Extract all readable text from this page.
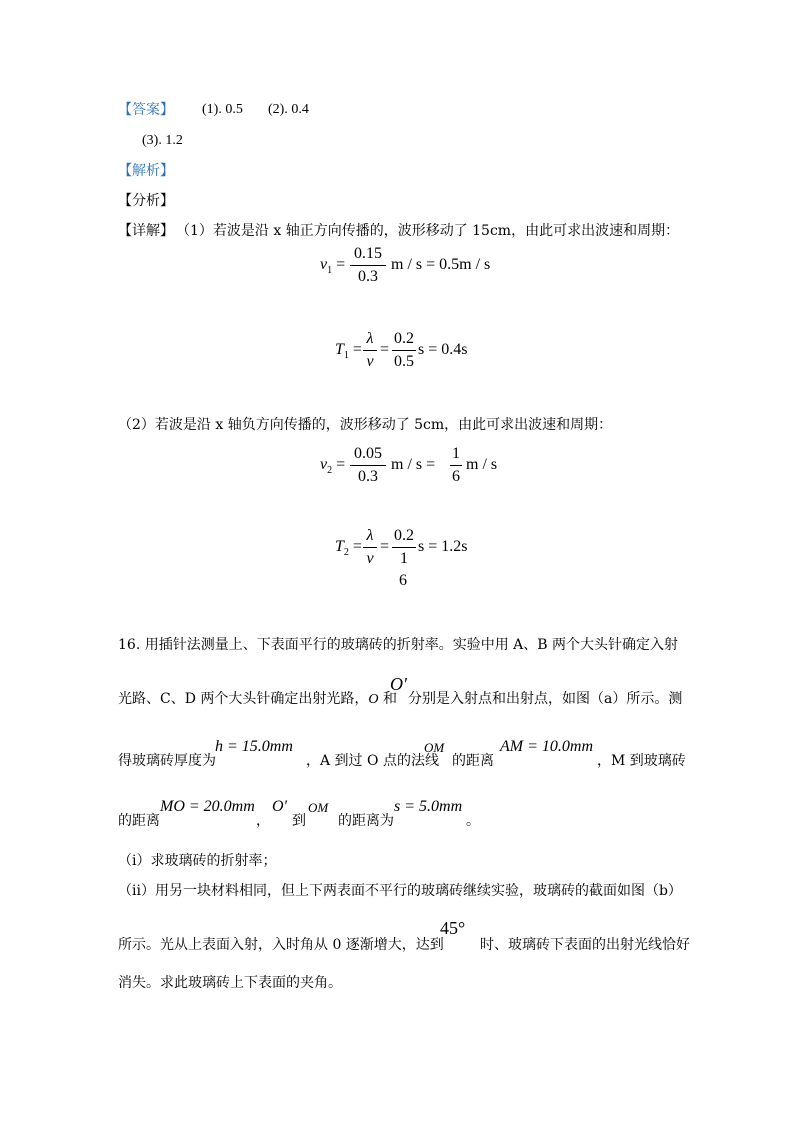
【答案】 (1). 0.5 (2). 0.4
(3). 1.2
【解析】
【分析】
【详解】 （1）若波是沿 x 轴正方向传播的，波形移动了 15cm，由此可求出波速和周期：
$v_1$ =
0.15
0.3
m / s = 0.5m / s
$T_1$ =
λ
v
=
0.2
0.5
s = 0.4s
（2）若波是沿 x 轴负方向传播的，波形移动了 5cm，由此可求出波速和周期：
$v_2$ =
0.05
0.3
m / s =
1
6
m / s
$T_2$ =
λ
v
=
0.2
1
6
s = 1.2s
16. 用插针法测量上、下表面平行的玻璃砖的折射率。实验中用 A、B 两个大头针确定入射
光路、C、D 两个大头针确定出射光路，O 和
O′
分别是入射点和出射点，如图（a）所示。测
得玻璃砖厚度为
h = 15.0mm
，A 到过 O 点的法线
OM
的距离
AM = 10.0mm
，M 到玻璃砖
的距离
MO = 20.0mm
，
O′
到
OM
的距离为
s = 5.0mm
。
（i）求玻璃砖的折射率；
（ii）用另一块材料相同，但上下两表面不平行的玻璃砖继续实验，玻璃砖的截面如图（b）
所示。光从上表面入射，入时角从 0 逐渐增大，达到
45°
时、玻璃砖下表面的出射光线恰好
消失。求此玻璃砖上下表面的夹角。
